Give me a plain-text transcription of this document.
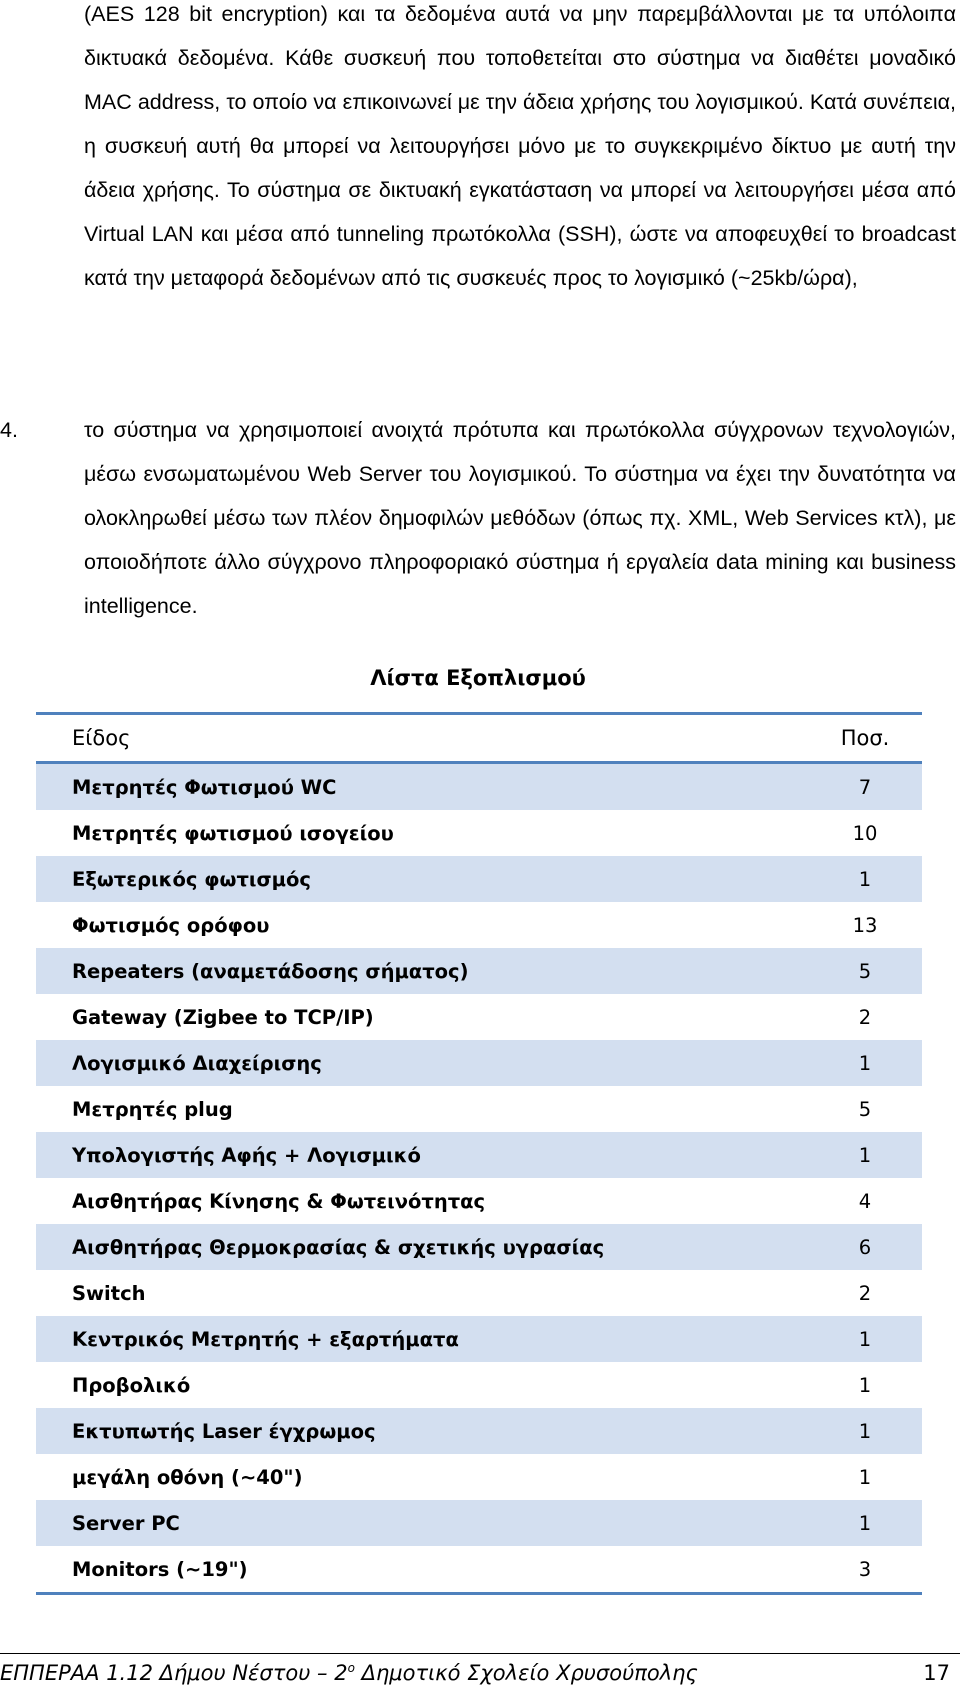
(AES 128 bit encryption) και τα δεδομένα αυτά να μην παρεμβάλλονται με τα υπόλοιπα δικτυακά δεδομένα. Κάθε συσκευή που τοποθετείται στο σύστημα να διαθέτει μοναδικό MAC address, το οποίο να επικοινωνεί με την άδεια χρήσης του λογισμικού. Κατά συνέπεια, η συσκευή αυτή θα μπορεί να λειτουργήσει μόνο με το συγκεκριμένο δίκτυο με αυτή την άδεια χρήσης. Το σύστημα σε δικτυακή εγκατάσταση να μπορεί να λειτουργήσει μέσα από Virtual LAN και μέσα από tunneling πρωτόκολλα (SSH), ώστε να αποφευχθεί το broadcast κατά την μεταφορά δεδομένων από τις συσκευές προς το λογισμικό (~25kb/ώρα),

4.	το σύστημα να χρησιμοποιεί ανοιχτά πρότυπα και πρωτόκολλα σύγχρονων τεχνολογιών, μέσω ενσωματωμένου Web Server του λογισμικού. Το σύστημα να έχει την δυνατότητα να ολοκληρωθεί μέσω των πλέον δημοφιλών μεθόδων (όπως πχ. XML, Web Services κτλ), με οποιοδήποτε άλλο σύγχρονο πληροφοριακό σύστημα ή εργαλεία data mining και business intelligence.

Λίστα Εξοπλισμού
Είδος	Ποσ.
Μετρητές Φωτισμού WC	7
Μετρητές φωτισμού ισογείου	10
Εξωτερικός φωτισμός	1
Φωτισμός ορόφου	13
Repeaters (αναμετάδοσης σήματος)	5
Gateway (Zigbee to TCP/IP)	2
Λογισμικό Διαχείρισης	1
Μετρητές plug	5
Υπολογιστής Αφής + Λογισμικό	1
Αισθητήρας Κίνησης & Φωτεινότητας	4
Αισθητήρας Θερμοκρασίας & σχετικής υγρασίας	6
Switch	2
Κεντρικός Μετρητής + εξαρτήματα	1
Προβολικό	1
Εκτυπωτής Laser έγχρωμος	1
μεγάλη οθόνη (~40")	1
Server PC	1
Monitors (~19")	3
ΕΠΠΕΡΑΑ 1.12 Δήμου Νέστου – $2^o$ Δημοτικό Σχολείο Χρυσούπολης	17
